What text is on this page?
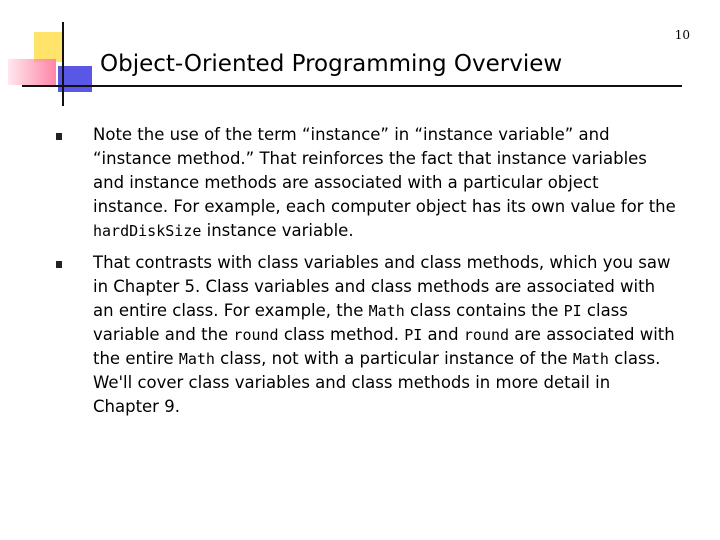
10
Object-Oriented Programming Overview
Note the use of the term “instance” in “instance variable” and “instance method.” That reinforces the fact that instance variables and instance methods are associated with a particular object instance. For example, each computer object has its own value for the hardDiskSize instance variable.
That contrasts with class variables and class methods, which you saw in Chapter 5. Class variables and class methods are associated with an entire class. For example, the Math class contains the PI class variable and the round class method. PI and round are associated with the entire Math class, not with a particular instance of the Math class. We'll cover class variables and class methods in more detail in Chapter 9.
